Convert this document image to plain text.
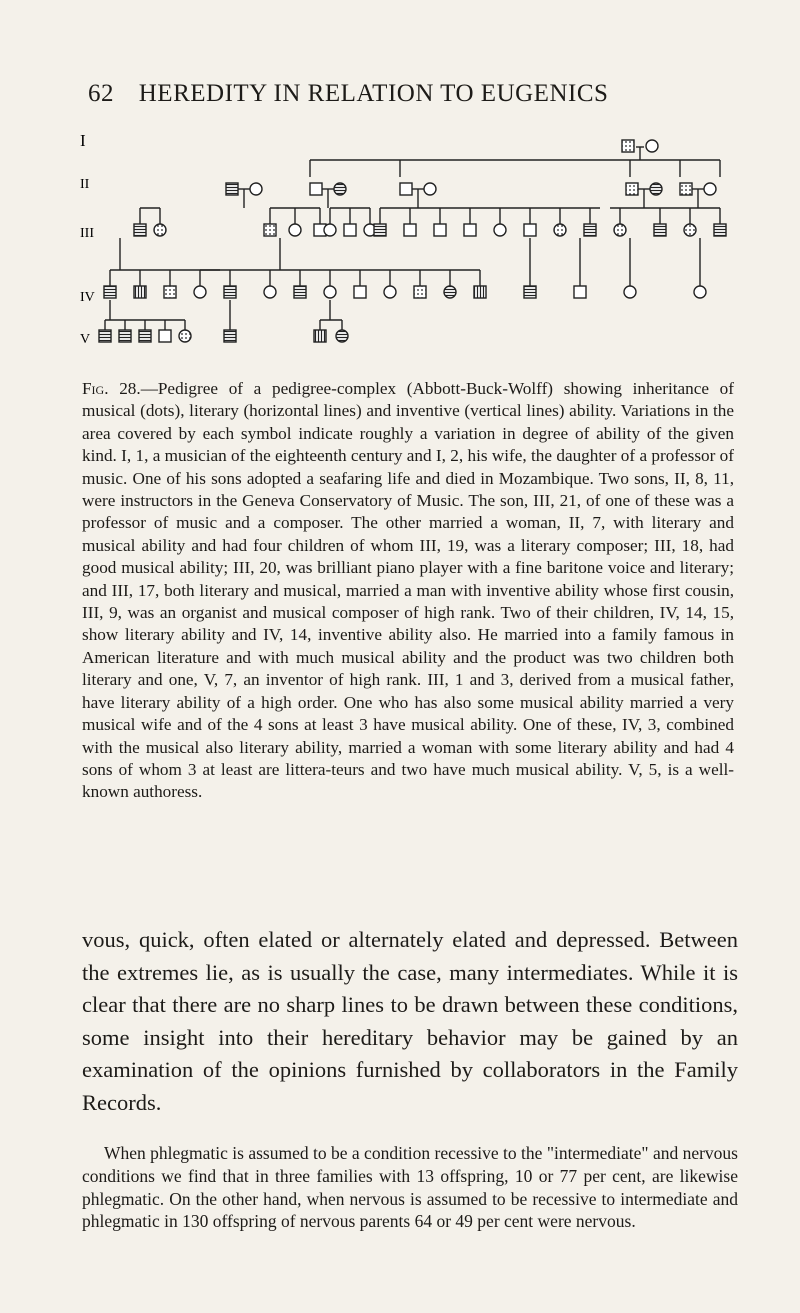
62 HEREDITY IN RELATION TO EUGENICS
I
II
III
IV
V
Fig. 28.—Pedigree of a pedigree-complex (Abbott-Buck-Wolff) showing inheritance of musical (dots), literary (horizontal lines) and inventive (vertical lines) ability. Variations in the area covered by each symbol indicate roughly a variation in degree of ability of the given kind. I, 1, a musician of the eighteenth century and I, 2, his wife, the daughter of a professor of music. One of his sons adopted a seafaring life and died in Mozambique. Two sons, II, 8, 11, were instructors in the Geneva Conservatory of Music. The son, III, 21, of one of these was a professor of music and a composer. The other married a woman, II, 7, with literary and musical ability and had four children of whom III, 19, was a literary composer; III, 18, had good musical ability; III, 20, was brilliant piano player with a fine baritone voice and literary; and III, 17, both literary and musical, married a man with inventive ability whose first cousin, III, 9, was an organist and musical composer of high rank. Two of their children, IV, 14, 15, show literary ability and IV, 14, inventive ability also. He married into a family famous in American literature and with much musical ability and the product was two children both literary and one, V, 7, an inventor of high rank. III, 1 and 3, derived from a musical father, have literary ability of a high order. One who has also some musical ability married a very musical wife and of the 4 sons at least 3 have musical ability. One of these, IV, 3, combined with the musical also literary ability, married a woman with some literary ability and had 4 sons of whom 3 at least are littera-teurs and two have much musical ability. V, 5, is a well-known authoress.

vous, quick, often elated or alternately elated and depressed. Between the extremes lie, as is usually the case, many intermediates. While it is clear that there are no sharp lines to be drawn between these conditions, some insight into their hereditary behavior may be gained by an examination of the opinions furnished by collaborators in the Family Records.

When phlegmatic is assumed to be a condition recessive to the "intermediate" and nervous conditions we find that in three families with 13 offspring, 10 or 77 per cent, are likewise phlegmatic. On the other hand, when nervous is assumed to be recessive to intermediate and phlegmatic in 130 offspring of nervous parents 64 or 49 per cent were nervous.
